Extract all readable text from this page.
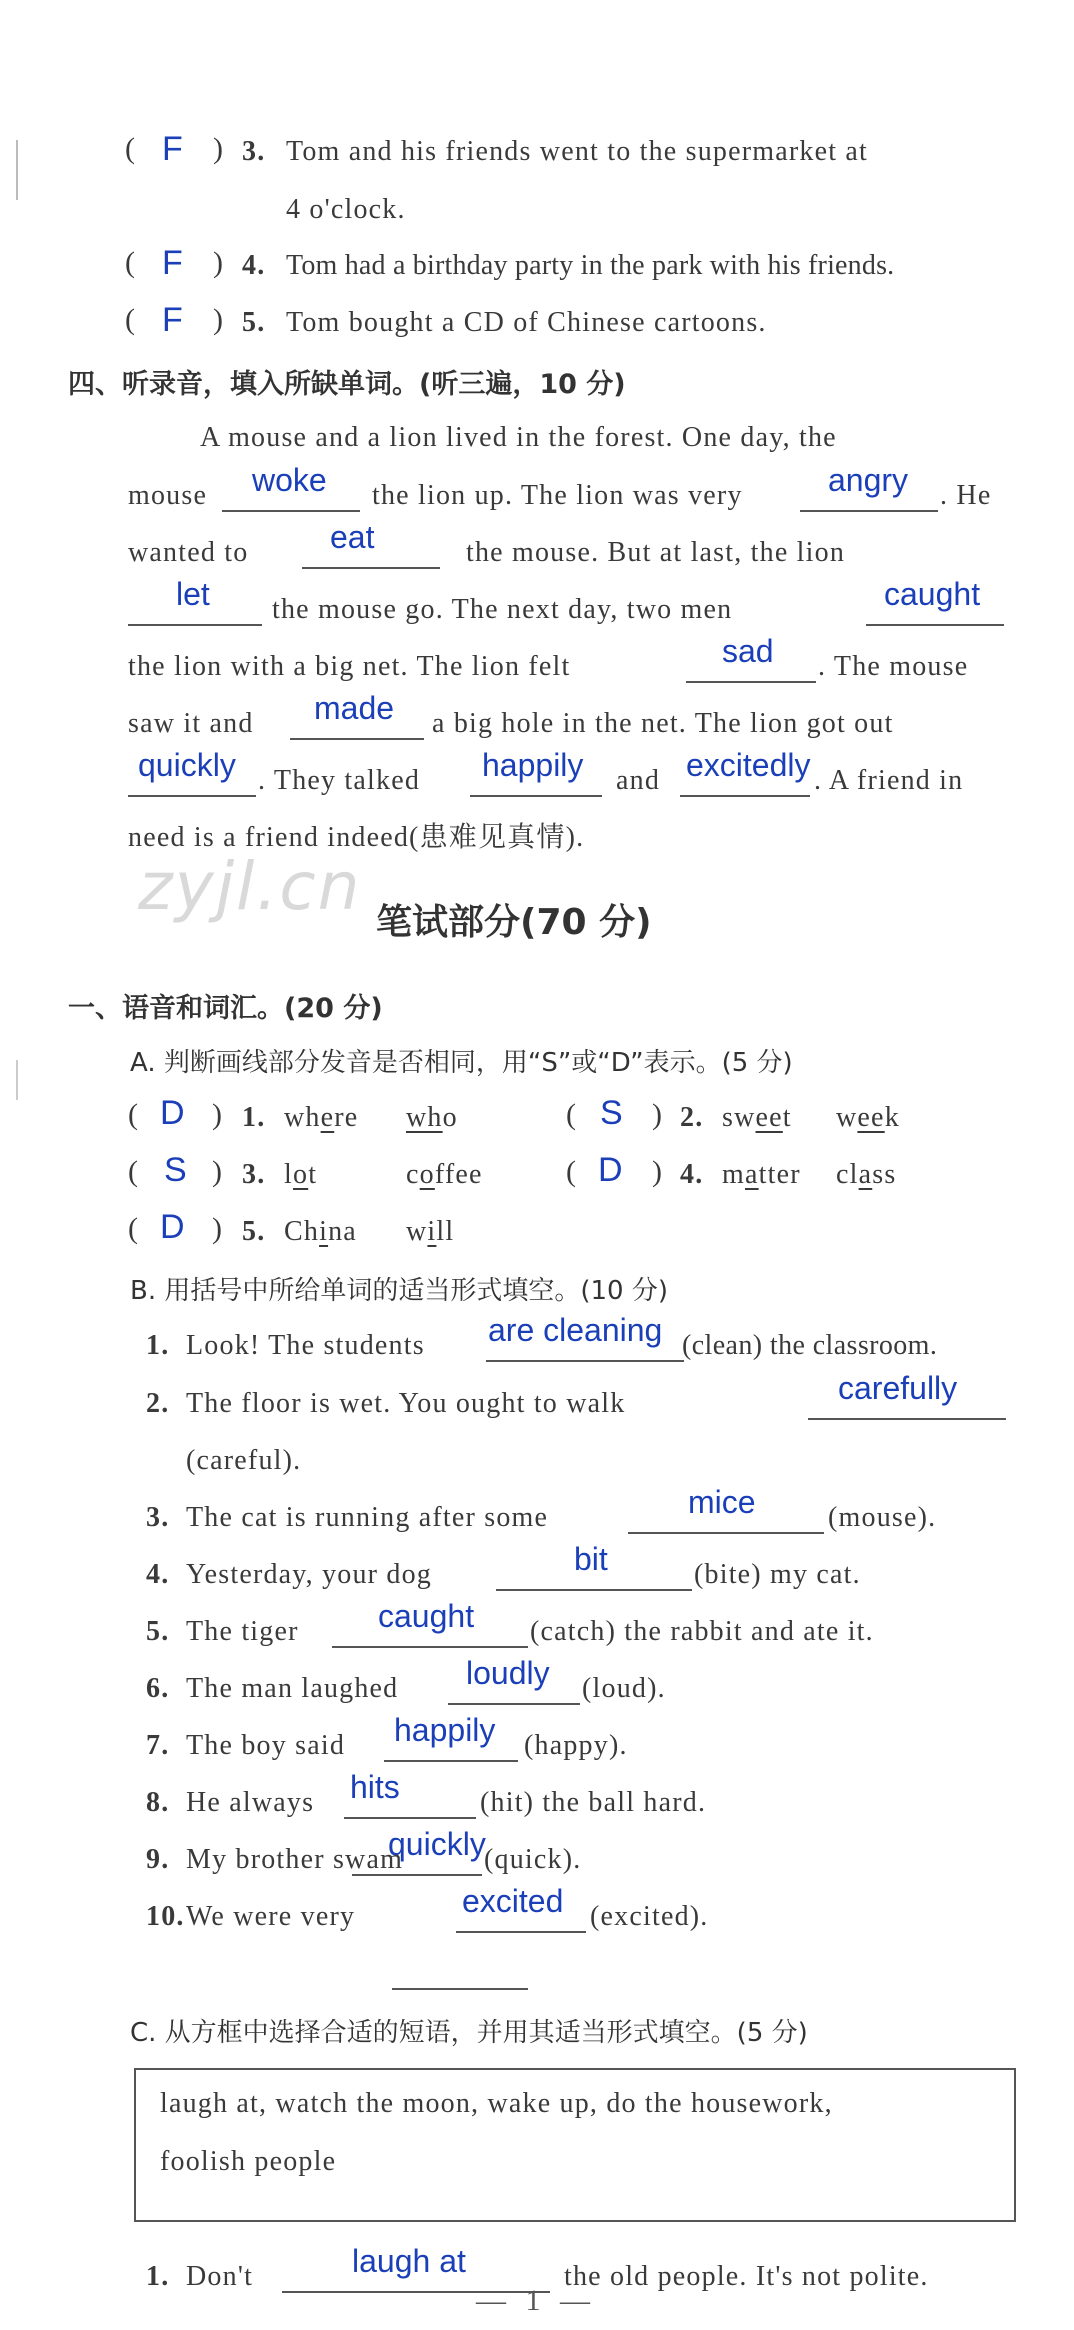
( F ) 3. Tom and his friends went to the supermarket at
4 o'clock.
( F ) 4. Tom had a birthday party in the park with his friends.
( F ) 5. Tom bought a CD of Chinese cartoons.
四、听录音，填入所缺单词。(听三遍，10 分)
A mouse and a lion lived in the forest. One day, the
mouse woke the lion up. The lion was very	angry . He
wanted to	eat	the mouse. But at last, the lion
let the mouse go. The next day, two men	caught
the lion with a big net. The lion felt	sad . The mouse
saw it and made a big hole in the net. The lion got out
quickly . They talked happily and excitedly . A friend in
need is a friend indeed(患难见真情).
zyjl.cn 笔试部分(70 分)
一、语音和词汇。(20 分)
A. 判断画线部分发音是否相同，用“S”或“D”表示。(5 分)
( D ) 1. where who	( S ) 2. sweet week
( S ) 3. lot	coffee	( D ) 4. matter class
( D ) 5. China will
B. 用括号中所给单词的适当形式填空。(10 分)
1. Look! The students are cleaning (clean) the classroom.
2. The floor is wet. You ought to walk	carefully
(careful).
3. The cat is running after some	mice	(mouse).
4. Yesterday, your dog	bit	(bite) my cat.
5. The tiger caught (catch) the rabbit and ate it.
6. The man laughed loudly (loud).
7. The boy said happily (happy).
8. He always hits	(hit) the ball hard.
9. My brother swam
quickly
(quick).
10. We were very	excited (excited).
C. 从方框中选择合适的短语，并用其适当形式填空。(5 分)
laugh at, watch the moon, wake up, do the housework,
foolish people
1. Don't	laugh at	the old people. It's not polite.
— 1 —
